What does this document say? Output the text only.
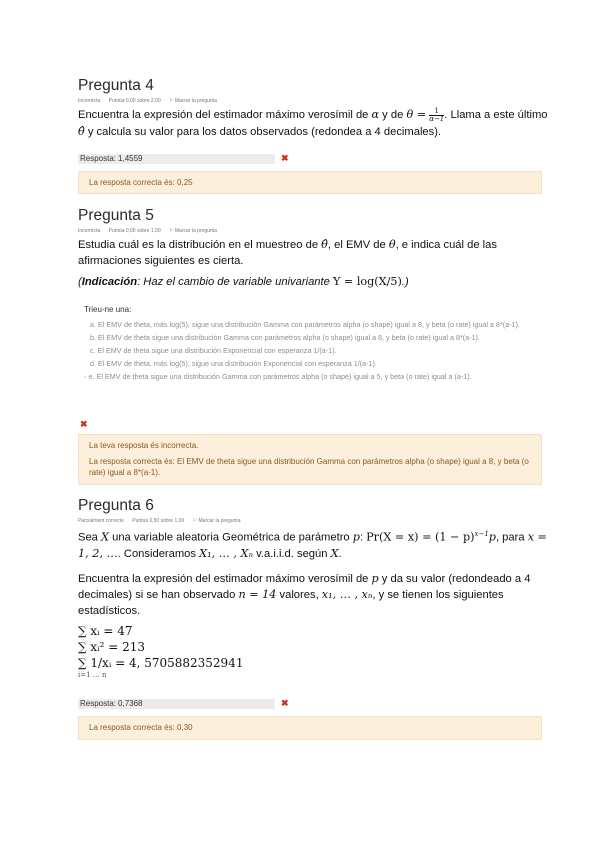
Pregunta 4
Incorrecta Puntúa 0,00 sobre 2,00 ⚐ Marcar la pregunta

Encuentra la expresión del estimador máximo verosímil de α y de $\theta = \frac{1}{\alpha-1}$ . Llama a este último θ̂ y calcula su valor para los datos observados (redondea a 4 decimales).

Resposta: 1,4559	✖

La resposta correcta és: 0,25

Pregunta 5
Incorrecta Puntúa 0,00 sobre 1,00 ⚐ Marcar la pregunta

Estudia cuál es la distribución en el muestreo de θ̂, el EMV de θ, e indica cuál de las afirmaciones siguientes es cierta.

(Indicación: Haz el cambio de variable univariante Y = log(X/5).)

Trieu-ne una:

a. El EMV de theta, más log(5), sigue una distribución Gamma con parámetros alpha (o shape) igual a 8, y beta (o rate) igual a 8*(a-1).

b. El EMV de theta sigue una distribución Gamma con parámetros alpha (o shape) igual a 8, y beta (o rate) igual a 8*(a-1).

c. El EMV de theta sigue una distribución Exponencial con esperanza 1/(a-1).

d. El EMV de theta, más log(5), sigue una distribución Exponencial con esperanza 1/(a-1).

◦ e. El EMV de theta sigue una distribución Gamma con parámetros alpha (o shape) igual a 5, y beta (o rate) igual a (a-1).

✖

La teva resposta és incorrecta.

La resposta correcta és: El EMV de theta sigue una distribución Gamma con parámetros alpha (o shape) igual a 8, y beta (o rate) igual a 8*(a-1).

Pregunta 6
Parcialment correcte Puntúa 0,50 sobre 1,00 ⚐ Marcar la pregunta

Sea X una variable aleatoria Geométrica de parámetro p: $Pr(X = x) = (1 - p)^{x-1}p$, para x = 1, 2, …. Consideramos X₁, … , Xₙ v.a.i.i.d. según X.

Encuentra la expresión del estimador máximo verosímil de p y da su valor (redondeado a 4 decimales) si se han observado n = 14 valores, x₁, … , xₙ, y se tienen los siguientes estadísticos.

∑ xᵢ = 47

∑ xᵢ² = 213

∑ 1/xᵢ = 4, 5705882352941

i=1 … n

Resposta: 0,7368	✖

La resposta correcta és: 0,30
